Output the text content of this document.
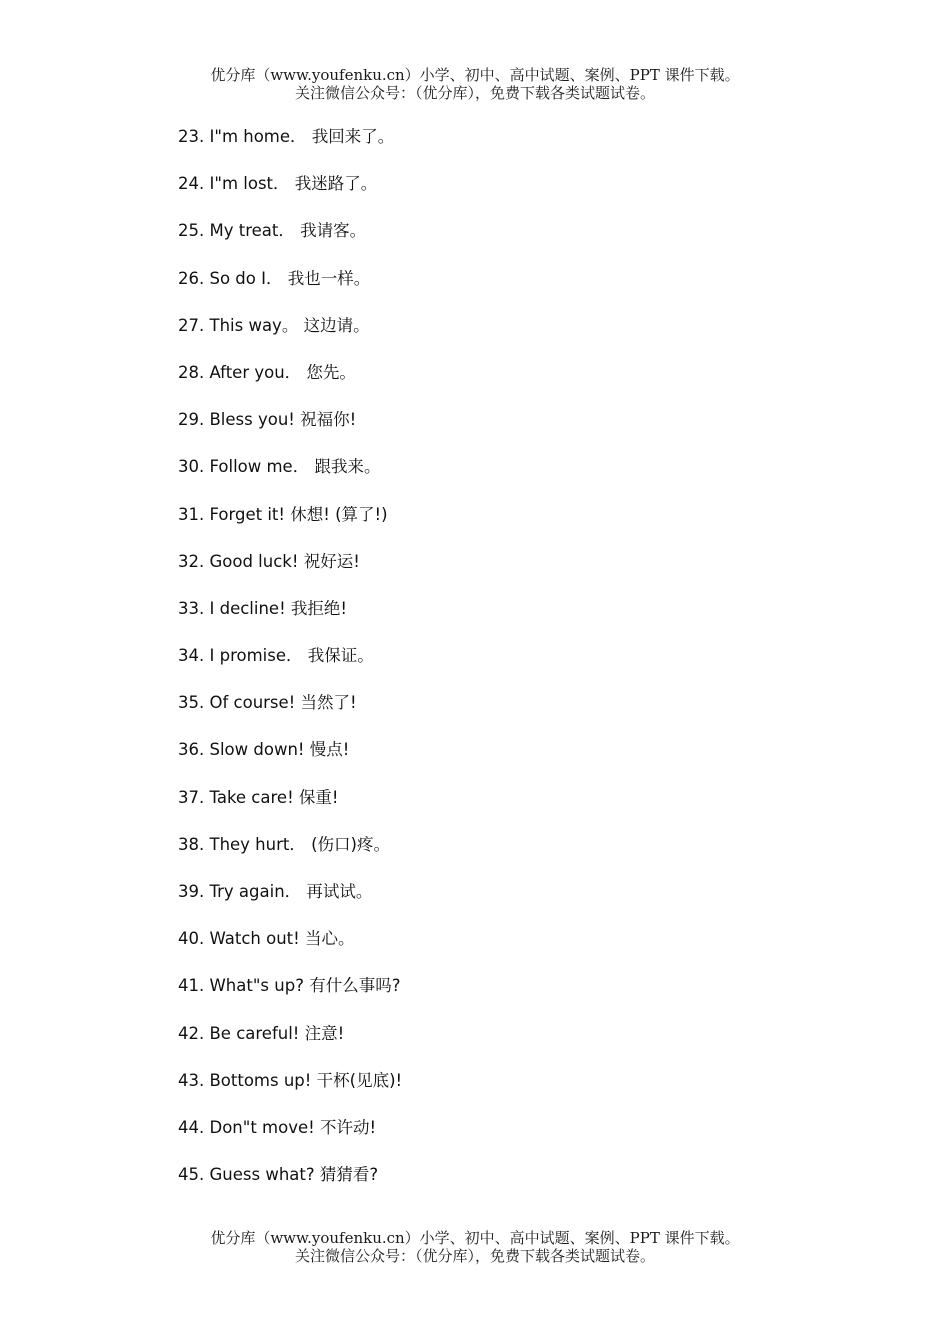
优分库（www.youfenku.cn）小学、初中、高中试题、案例、PPT 课件下载。
关注微信公众号：（优分库），免费下载各类试题试卷。
23. I"m home． 我回来了。
24. I"m lost． 我迷路了。
25. My treat． 我请客。
26. So do I． 我也一样。
27. This way。 这边请。
28. After you． 您先。
29. Bless you! 祝福你!
30. Follow me． 跟我来。
31. Forget it! 休想! (算了!)
32. Good luck! 祝好运!
33. I decline! 我拒绝!
34. I promise． 我保证。
35. Of course! 当然了!
36. Slow down! 慢点!
37. Take care! 保重!
38. They hurt． (伤口)疼。
39. Try again． 再试试。
40. Watch out! 当心。
41. What"s up? 有什么事吗?
42. Be careful! 注意!
43. Bottoms up! 干杯(见底)!
44. Don"t move! 不许动!
45. Guess what? 猜猜看?
优分库（www.youfenku.cn）小学、初中、高中试题、案例、PPT 课件下载。
关注微信公众号：（优分库），免费下载各类试题试卷。
